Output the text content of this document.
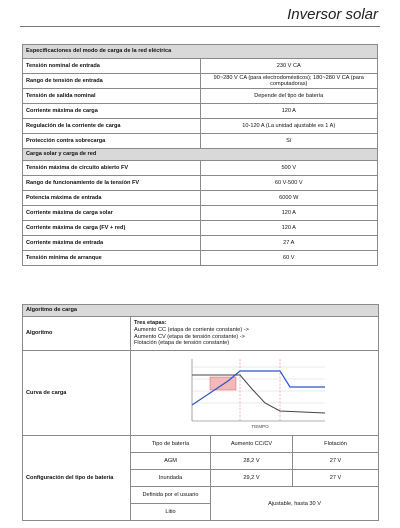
Inversor solar
Especificaciones del modo de carga de la red eléctrica	
Tensión nominal de entrada	230 V CA
Rango de tensión de entrada	90~280 V CA (para electrodomésticos); 180~280 V CA (para computadoras)
Tensión de salida nominal	Depende del tipo de batería
Corriente máxima de carga	120 A
Regulación de la corriente de carga	10-120 A (La unidad ajustable es 1 A)
Protección contra sobrecarga	Sí
Carga solar y carga de red	
Tensión máxima de circuito abierto FV	500 V
Rango de funcionamiento de la tensión FV	60 V-500 V
Potencia máxima de entrada	6000 W
Corriente máxima de carga solar	120 A
Corriente máxima de carga (FV + red)	120 A
Corriente máxima de entrada	27 A
Tensión mínima de arranque	60 V
Algoritmo de carga			
Algoritmo	Tres etapas:
Aumento CC (etapa de corriente constante) ->
Aumento CV (etapa de tensión constante) ->
Flotación (etapa de tensión constante)		

Curva de carga	TIEMPO		

Configuración del tipo de batería	Tipo de batería	Aumento CC/CV	Flotación
	AGM	28,2 V	27 V
	Inundada	29,2 V	27 V
	Definida por el usuario	Ajustable, hasta 30 V	
	Litio		
